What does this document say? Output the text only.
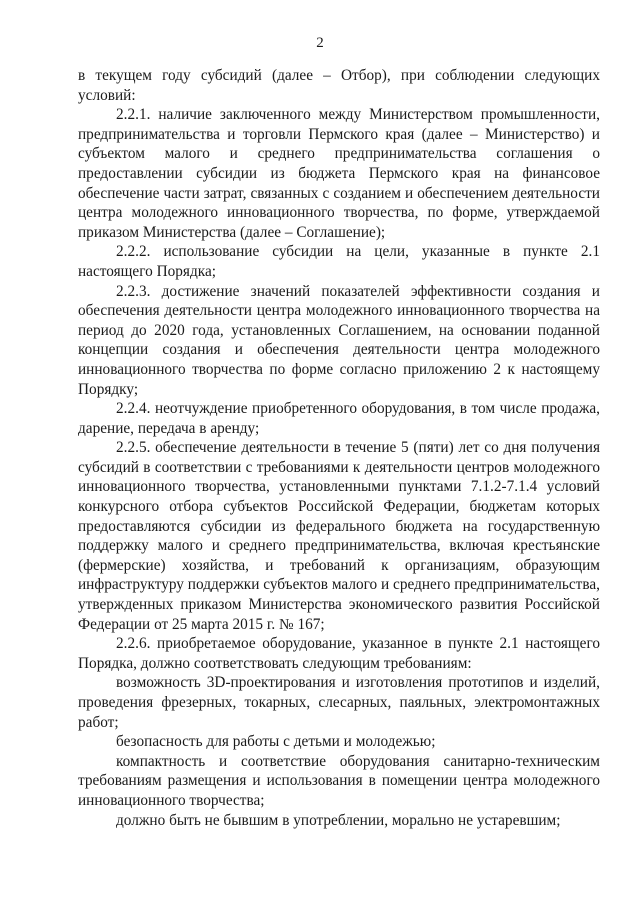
2

в текущем году субсидий (далее – Отбор), при соблюдении следующих условий:

2.2.1. наличие заключенного между Министерством промышленности, предпринимательства и торговли Пермского края (далее – Министерство) и субъектом малого и среднего предпринимательства соглашения о предоставлении субсидии из бюджета Пермского края на финансовое обеспечение части затрат, связанных с созданием и обеспечением деятельности центра молодежного инновационного творчества, по форме, утверждаемой приказом Министерства (далее – Соглашение);

2.2.2. использование субсидии на цели, указанные в пункте 2.1 настоящего Порядка;

2.2.3. достижение значений показателей эффективности создания и обеспечения деятельности центра молодежного инновационного творчества на период до 2020 года, установленных Соглашением, на основании поданной концепции создания и обеспечения деятельности центра молодежного инновационного творчества по форме согласно приложению 2 к настоящему Порядку;

2.2.4. неотчуждение приобретенного оборудования, в том числе продажа, дарение, передача в аренду;

2.2.5. обеспечение деятельности в течение 5 (пяти) лет со дня получения субсидий в соответствии с требованиями к деятельности центров молодежного инновационного творчества, установленными пунктами 7.1.2-7.1.4 условий конкурсного отбора субъектов Российской Федерации, бюджетам которых предоставляются субсидии из федерального бюджета на государственную поддержку малого и среднего предпринимательства, включая крестьянские (фермерские) хозяйства, и требований к организациям, образующим инфраструктуру поддержки субъектов малого и среднего предпринимательства, утвержденных приказом Министерства экономического развития Российской Федерации от 25 марта 2015 г. № 167;

2.2.6. приобретаемое оборудование, указанное в пункте 2.1 настоящего Порядка, должно соответствовать следующим требованиям:

возможность 3D-проектирования и изготовления прототипов и изделий, проведения фрезерных, токарных, слесарных, паяльных, электромонтажных работ;

безопасность для работы с детьми и молодежью;

компактность и соответствие оборудования санитарно-техническим требованиям размещения и использования в помещении центра молодежного инновационного творчества;

должно быть не бывшим в употреблении, морально не устаревшим;
